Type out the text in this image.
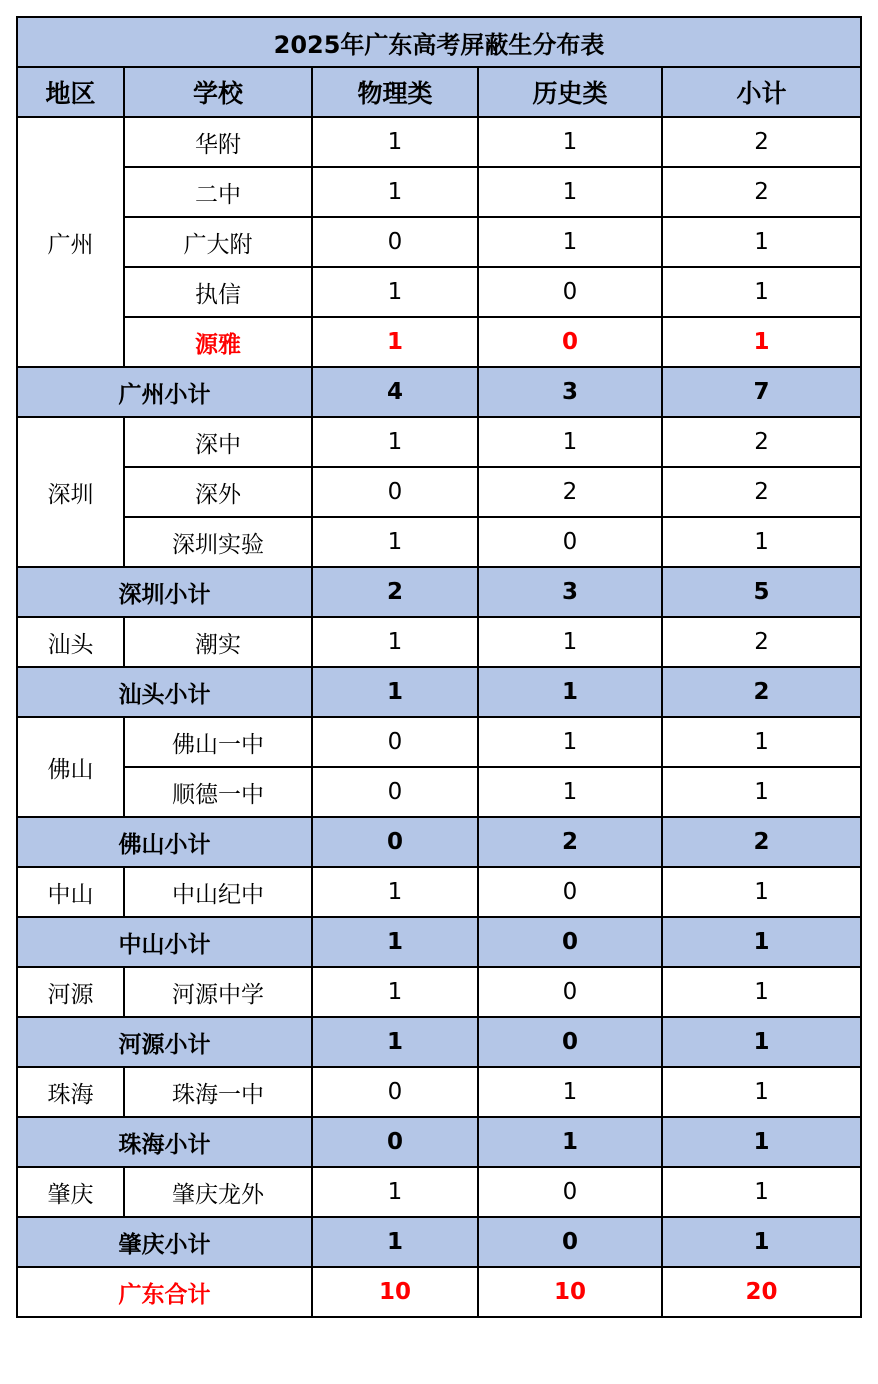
2025年广东高考屏蔽生分布表				
地区	学校	物理类	历史类	小计
广州	华附	1	1	2
	二中	1	1	2
	广大附	0	1	1
	执信	1	0	1
	源雅	1	0	1
广州小计		4	3	7
深圳	深中	1	1	2
	深外	0	2	2
	深圳实验	1	0	1
深圳小计		2	3	5
汕头	潮实	1	1	2
汕头小计		1	1	2
佛山	佛山一中	0	1	1
	顺德一中	0	1	1
佛山小计		0	2	2
中山	中山纪中	1	0	1
中山小计		1	0	1
河源	河源中学	1	0	1
河源小计		1	0	1
珠海	珠海一中	0	1	1
珠海小计		0	1	1
肇庆	肇庆龙外	1	0	1
肇庆小计		1	0	1
广东合计		10	10	20
